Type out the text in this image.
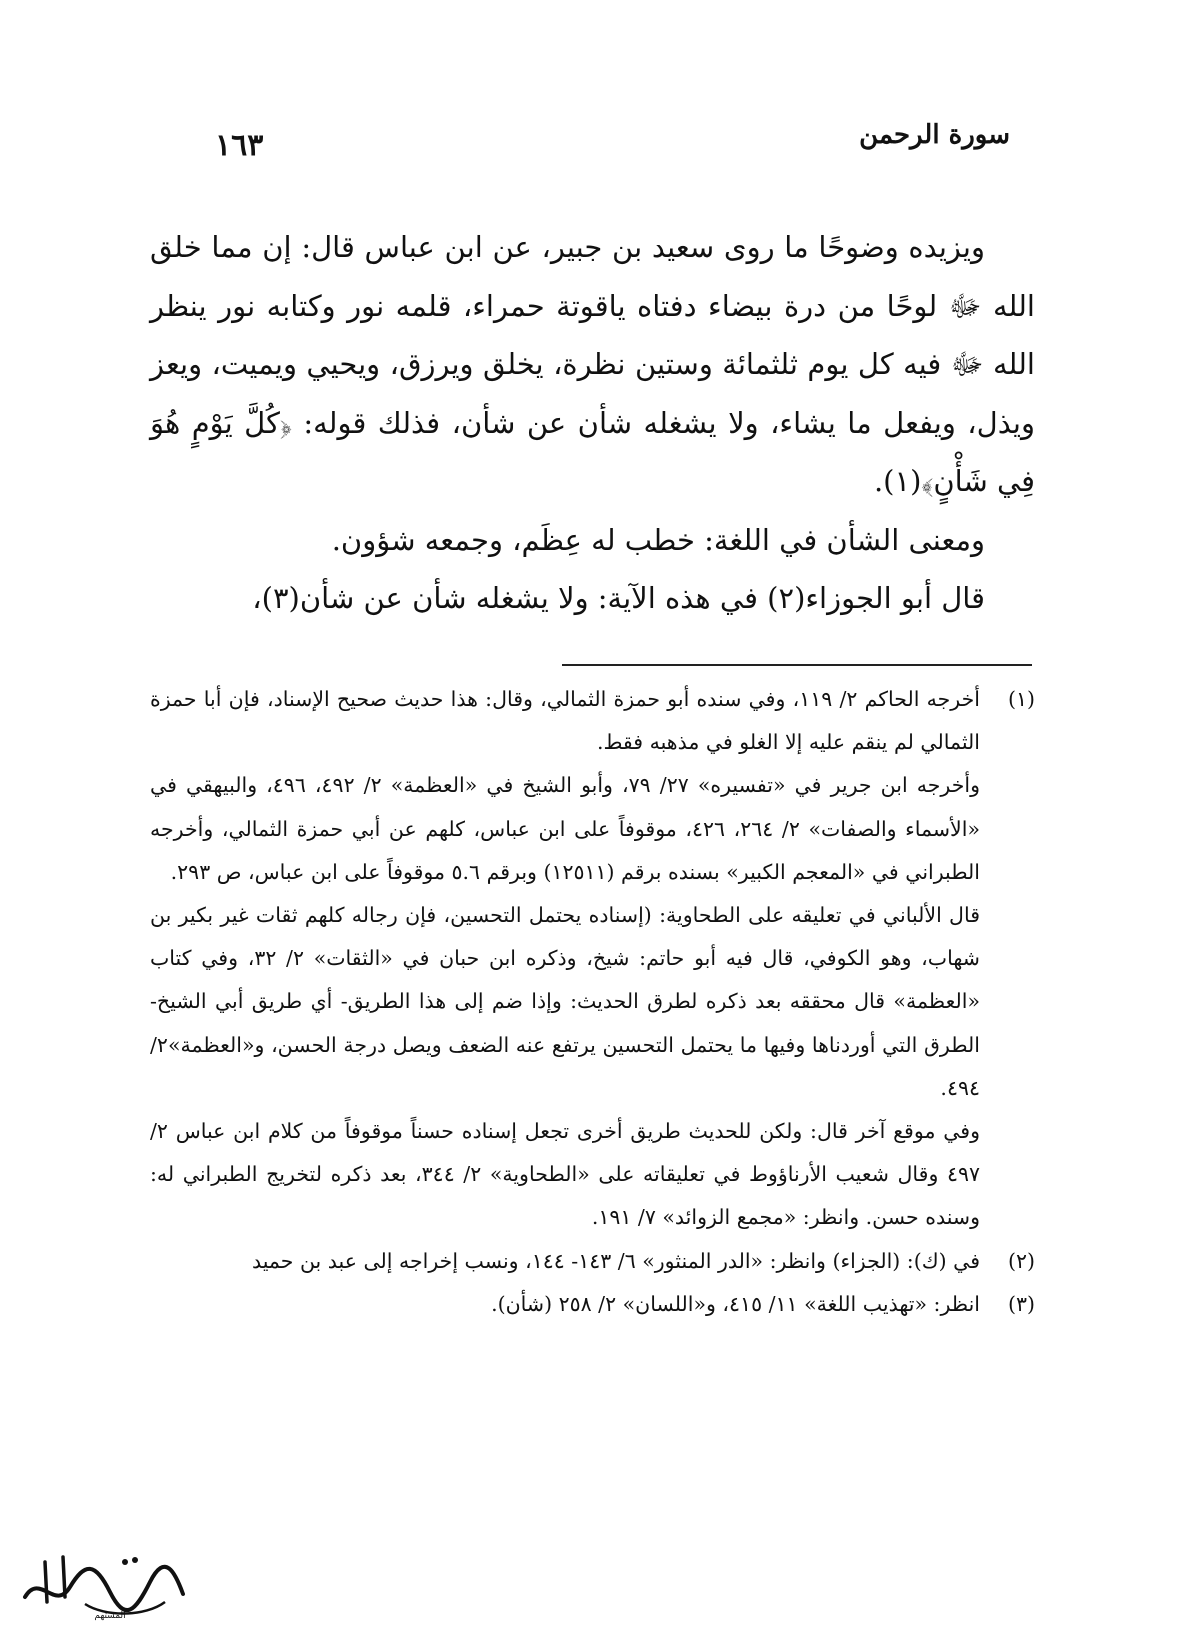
سورة الرحمن
١٦٣

ويزيده وضوحًا ما روى سعيد بن جبير، عن ابن عباس قال: إن مما خلق الله ﷻ لوحًا من درة بيضاء دفتاه ياقوتة حمراء، قلمه نور وكتابه نور ينظر الله ﷻ فيه كل يوم ثلثمائة وستين نظرة، يخلق ويرزق، ويحيي ويميت، ويعز ويذل، ويفعل ما يشاء، ولا يشغله شأن عن شأن، فذلك قوله: ﴿كُلَّ يَوْمٍ هُوَ فِي شَأْنٍ﴾(١).

ومعنى الشأن في اللغة: خطب له عِظَم، وجمعه شؤون.

قال أبو الجوزاء(٢) في هذه الآية: ولا يشغله شأن عن شأن(٣)،

(١)

أخرجه الحاكم ٢/ ١١٩، وفي سنده أبو حمزة الثمالي، وقال: هذا حديث صحيح الإسناد، فإن أبا حمزة الثمالي لم ينقم عليه إلا الغلو في مذهبه فقط.

وأخرجه ابن جرير في «تفسيره» ٢٧/ ٧٩، وأبو الشيخ في «العظمة» ٢/ ٤٩٢، ٤٩٦، والبيهقي في «الأسماء والصفات» ٢/ ٢٦٤، ٤٢٦، موقوفاً على ابن عباس، كلهم عن أبي حمزة الثمالي، وأخرجه الطبراني في «المعجم الكبير» بسنده برقم (١٢٥١١) وبرقم ٥.٦ موقوفاً على ابن عباس، ص ٢٩٣.

قال الألباني في تعليقه على الطحاوية: (إسناده يحتمل التحسين، فإن رجاله كلهم ثقات غير بكير بن شهاب، وهو الكوفي، قال فيه أبو حاتم: شيخ، وذكره ابن حبان في «الثقات» ٢/ ٣٢، وفي كتاب «العظمة» قال محققه بعد ذكره لطرق الحديث: وإذا ضم إلى هذا الطريق- أي طريق أبي الشيخ- الطرق التي أوردناها وفيها ما يحتمل التحسين يرتفع عنه الضعف ويصل درجة الحسن، و«العظمة»٢/ ٤٩٤.

وفي موقع آخر قال: ولكن للحديث طريق أخرى تجعل إسناده حسناً موقوفاً من كلام ابن عباس ٢/ ٤٩٧ وقال شعيب الأرناؤوط في تعليقاته على «الطحاوية» ٢/ ٣٤٤، بعد ذكره لتخريج الطبراني له: وسنده حسن. وانظر: «مجمع الزوائد» ٧/ ١٩١.

(٢)

في (ك): (الجزاء) وانظر: «الدر المنثور» ٦/ ١٤٣- ١٤٤، ونسب إخراجه إلى عبد بن حميد

(٣)

انظر: «تهذيب اللغة» ١١/ ٤١٥، و«اللسان» ٢/ ٢٥٨ (شأن).

المستهم
